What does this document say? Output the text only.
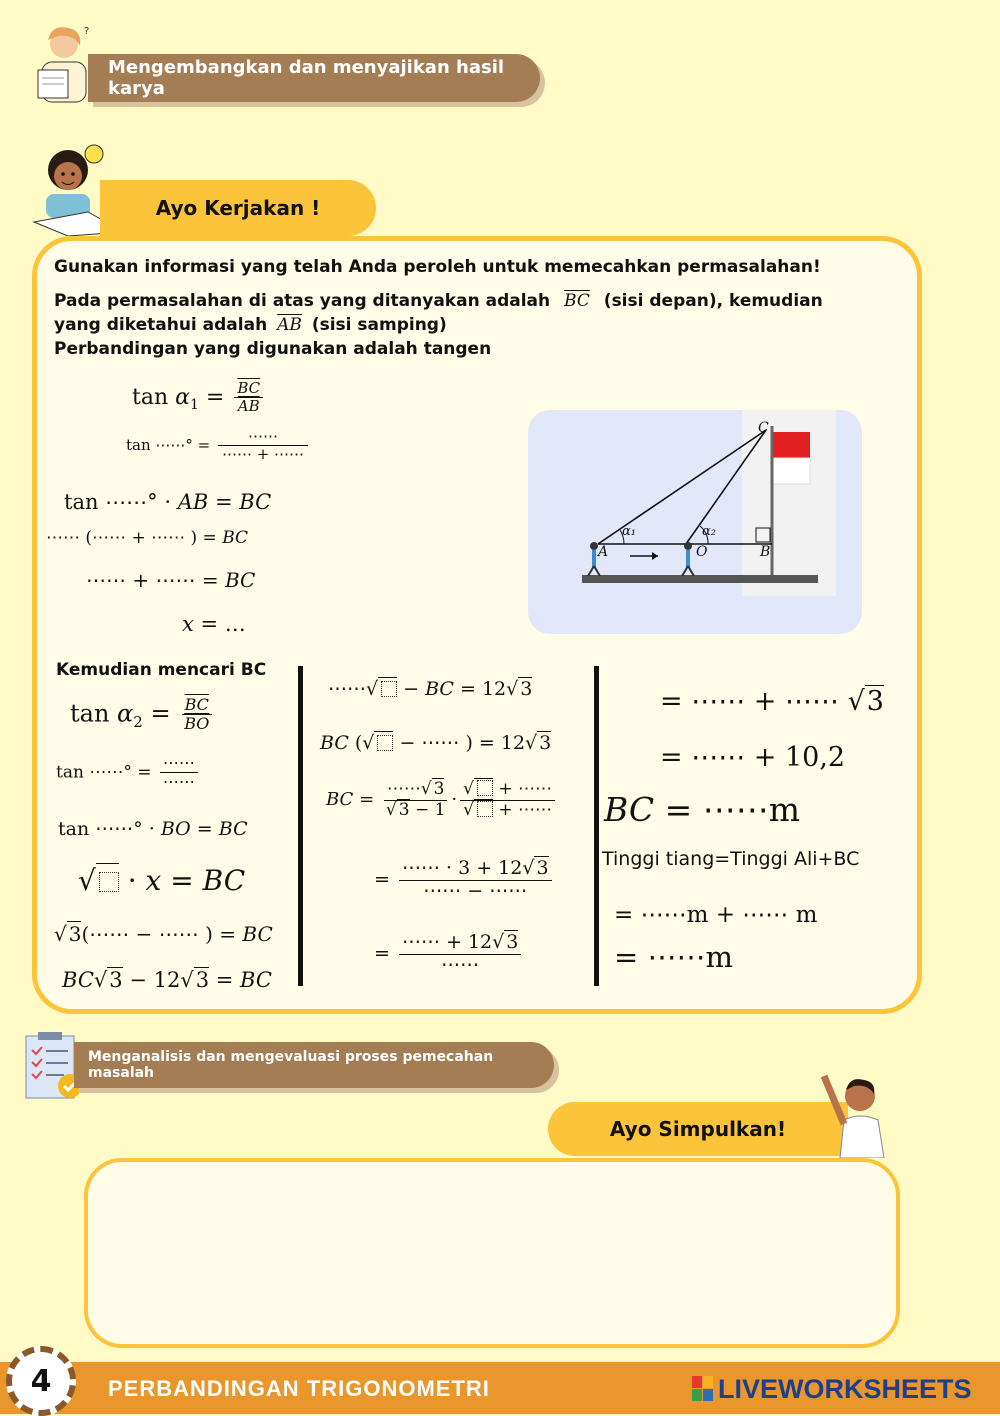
?
Mengembangkan dan menyajikan hasil karya
Ayo Kerjakan !
Gunakan informasi yang telah Anda peroleh untuk memecahkan permasalahan!
Pada permasalahan di atas yang ditanyakan adalah $\overline{BC}$ (sisi depan), kemudian
yang diketahui adalah $\overline{AB}$ (sisi samping)
Perbandingan yang digunakan adalah tangen
$\tan \alpha_1 = \frac{\overline{BC}}{AB}$
tan ⋯⋯° = $\frac{\cdots\cdots}{\cdots\cdots + \cdots\cdots}$
tan ⋯⋯° · AB = BC
⋯⋯ (⋯⋯ + ⋯⋯ ) = BC
⋯⋯ + ⋯⋯ = BC
x = …
C
α₁	α₂
A	O	B
Kemudian mencari BC
$\tan \alpha_2 = \frac{\overline{BC}}{BO}$
tan ⋯⋯° = $\frac{\cdots\cdots}{\cdots\cdots}$
tan ⋯⋯° · BO = BC
√ · x = BC
√ 3(⋯⋯ − ⋯⋯ ) = BC
BC√3 − 12√3 = BC
⋯⋯√ − BC = 12√ 3
BC (√ − ⋯⋯ ) = 12√ 3
BC = $\frac{\cdots\cdots√ 3}{√ 3 - 1} \cdot \frac{√ + \cdots\cdots}{√ + \cdots\cdots}$
= $\frac{\cdots\cdots \cdot 3 + 12√ 3}{\cdots\cdots - \cdots\cdots}$
= $\frac{\cdots\cdots + 12√ 3}{\cdots\cdots}$
= ⋯⋯ + ⋯⋯ √3
= ⋯⋯ + 10,2
BC = ⋯⋯m
Tinggi tiang=Tinggi Ali+BC
= ⋯⋯m + ⋯⋯ m
= ⋯⋯m
Menganalisis dan mengevaluasi proses pemecahan masalah
Ayo Simpulkan!
4	PERBANDINGAN TRIGONOMETRI	LIVEWORKSHEETS
